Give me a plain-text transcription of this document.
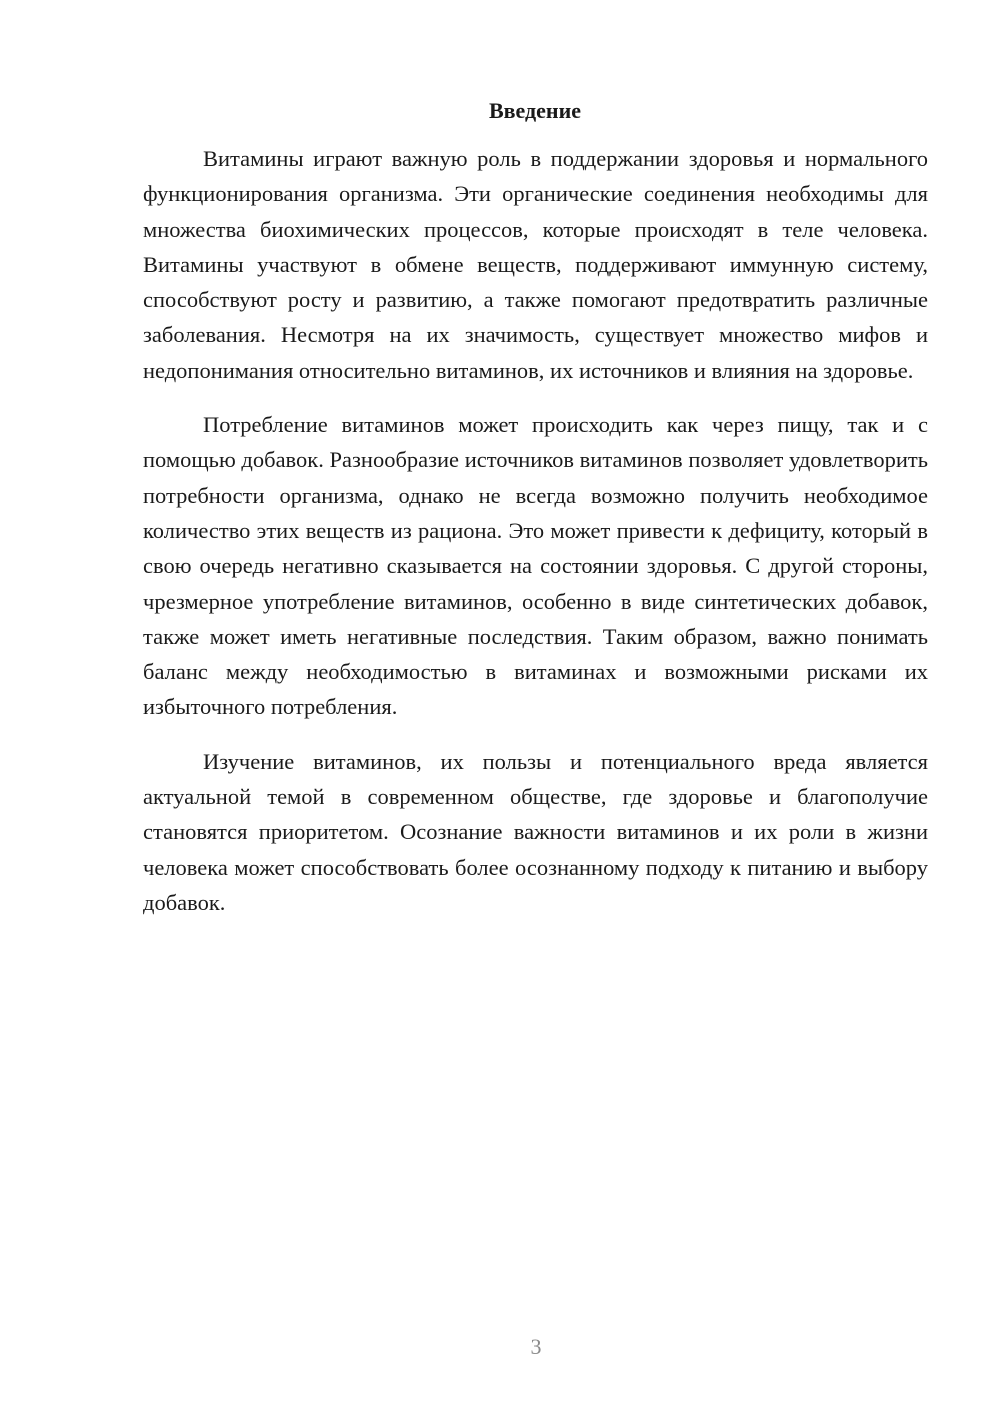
Введение

Витамины играют важную роль в поддержании здоровья и нормального функционирования организма. Эти органические соединения необходимы для множества биохимических процессов, которые происходят в теле человека. Витамины участвуют в обмене веществ, поддерживают иммунную систему, способствуют росту и развитию, а также помогают предотвратить различные заболевания. Несмотря на их значимость, существует множество мифов и недопонимания относительно витаминов, их источников и влияния на здоровье.

Потребление витаминов может происходить как через пищу, так и с помощью добавок. Разнообразие источников витаминов позволяет удовлетворить потребности организма, однако не всегда возможно получить необходимое количество этих веществ из рациона. Это может привести к дефициту, который в свою очередь негативно сказывается на состоянии здоровья. С другой стороны, чрезмерное употребление витаминов, особенно в виде синтетических добавок, также может иметь негативные последствия. Таким образом, важно понимать баланс между необходимостью в витаминах и возможными рисками их избыточного потребления.

Изучение витаминов, их пользы и потенциального вреда является актуальной темой в современном обществе, где здоровье и благополучие становятся приоритетом. Осознание важности витаминов и их роли в жизни человека может способствовать более осознанному подходу к питанию и выбору добавок.

3
